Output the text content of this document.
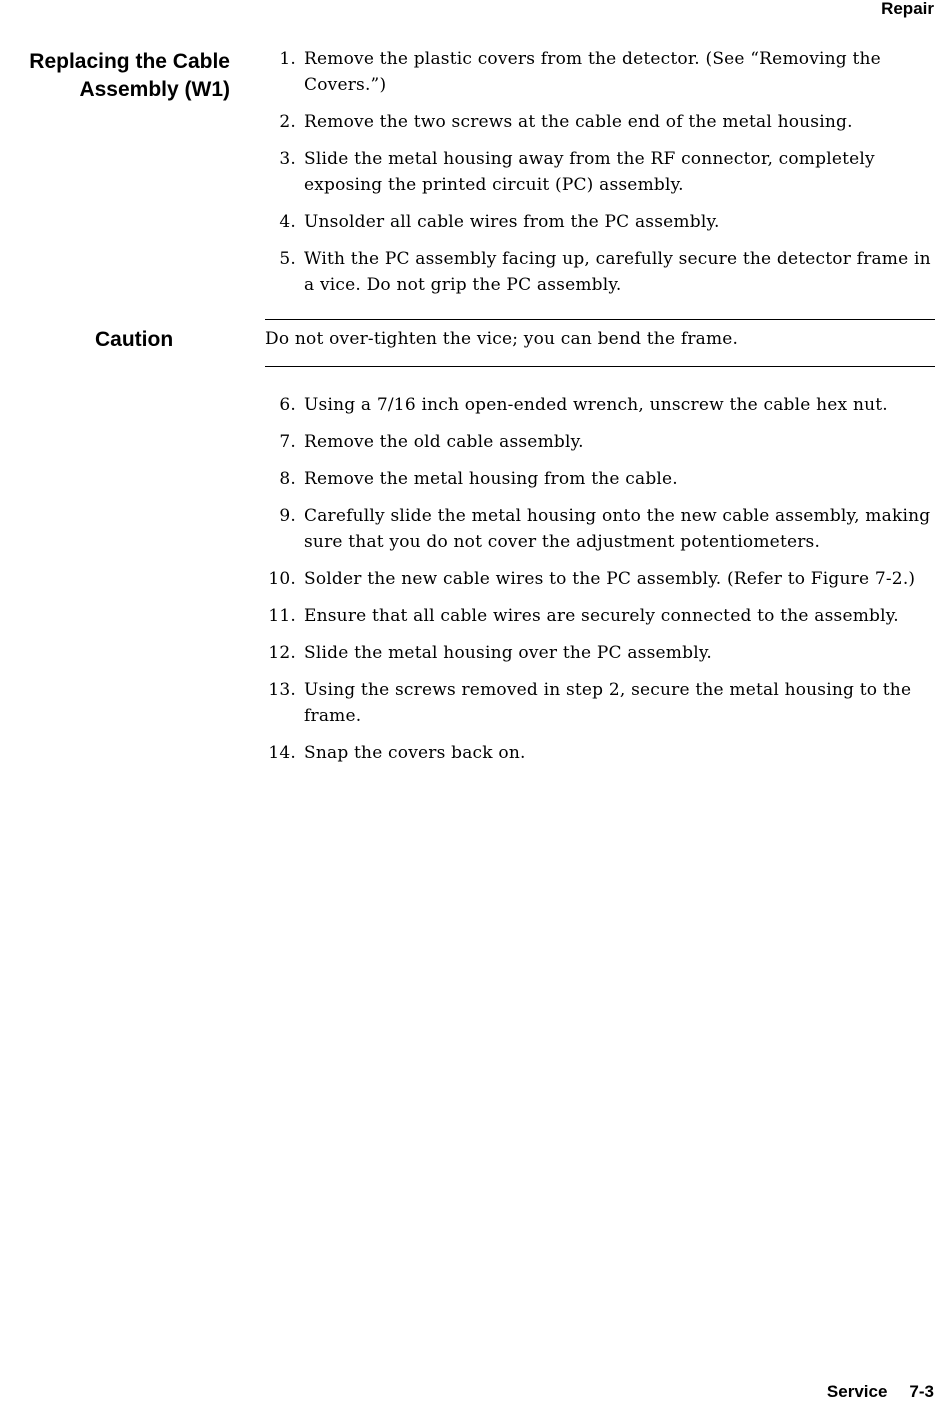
Repair
Replacing the Cable
Assembly (W1)
1. Remove the plastic covers from the detector. (See “Removing the Covers.”)
2. Remove the two screws at the cable end of the metal housing.
3. Slide the metal housing away from the RF connector, completely exposing the printed circuit (PC) assembly.
4. Unsolder all cable wires from the PC assembly.
5. With the PC assembly facing up, carefully secure the detector frame in a vice. Do not grip the PC assembly.
Caution	Do not over-tighten the vice; you can bend the frame.
6. Using a 7/16 inch open-ended wrench, unscrew the cable hex nut.
7. Remove the old cable assembly.
8. Remove the metal housing from the cable.
9. Carefully slide the metal housing onto the new cable assembly, making sure that you do not cover the adjustment potentiometers.
10. Solder the new cable wires to the PC assembly. (Refer to Figure 7-2.)
11. Ensure that all cable wires are securely connected to the assembly.
12. Slide the metal housing over the PC assembly.
13. Using the screws removed in step 2, secure the metal housing to the frame.
14. Snap the covers back on.
Service 7-3
